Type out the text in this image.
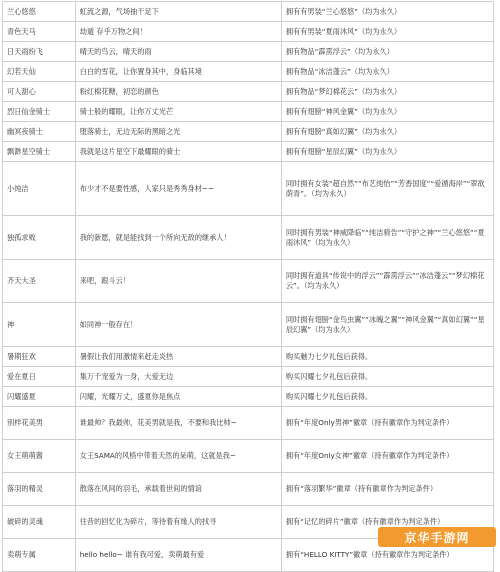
兰心悠悠	虹流之源，气场抽干足下	拥有有男装“兰心悠悠”（均为永久）
青色天马	劫遁 存乎万物之间！	拥有有男装“夏雨沐风”（均为永久）
日天雨纷飞	晴天的鸟云，晴天的雨	拥有物品“霹雳浮云”（均为永久）
幻若天仙	白白的雪花，让你置身其中，身临其境	拥有物品“冰洁蓬云”（均为永久）
可人甜心	粉红棉花糖，初恋的颜色	拥有物品“梦幻棉花云”（均为永久）
烈日仙金骑士	骑士般的耀眼，让你万丈光芒	拥有有翅膀“神风金翼”（均为永久）
幽冥夜骑士	堕落骑士，无边无际的黑暗之光	拥有有翅膀“真如幻翼”（均为永久）
飘渺星空骑士	我就是这片星空下最耀眼的骑士	拥有有翅膀“星辰幻翼”（均为永久）
小纯洁	布少才不是要性感，人家只是秀秀身材~~	同时拥有女装“超自然”“布艺纯怡”“芳香国度”“爱循海岸”“翠欲荫青”。（均为永久）
独孤求败	我的新愿，就是能找到一个所向无敌的继承人！	同时拥有男装“神威降临”“纯洁骑告”“守护之神”“兰心悠悠”“夏雨沐风”（均为永久）
齐天大圣	来吧，跟斗云！	同时拥有道具“传说中的浮云”“霹雳浮云”“冰洁蓬云”“梦幻棉花云”。（均为永久）
神	如同神一般存在！	同时拥有翅膀“金鸟虫翼”“冰魄之翼”“神风金翼”“真如幻翼”“星辰幻翼”（均为永久）
暑期狂欢	暑假让我们用激情来赶走炎热	购买魅力七夕礼包后获得。
爱在夏日	集万千宠爱为一身，大爱无边	购买闪耀七夕礼包后获得。
闪耀盛夏	闪耀，光耀万丈，盛夏你是焦点	购买闪耀七夕礼包后获得。
别样花美男	谁最帅？我最帅，花美男就是我，不要和我比帅~	拥有“年度Only男神”徽章（持有徽章作为判定条件）
女王萌萌酱	女王SAMA的风格中带着天然的呆萌，这就是我~	拥有“年度Only女神”徽章（持有徽章作为判定条件）
落羽的精灵	散落在风间的羽毛，承载着世间的情谊	拥有“落羽繁华”徽章（持有徽章作为判定条件）
破碎的灵魂	往昔的回忆化为碎片，等待着有缘人的找寻	拥有“记忆的碎片”徽章（持有徽章作为判定条件）
卖萌专属	hello hello~ 谁有我可爱，卖萌最有爱	拥有“HELLO KITTY”徽章（持有徽章作为判定条件）
京华手游网
